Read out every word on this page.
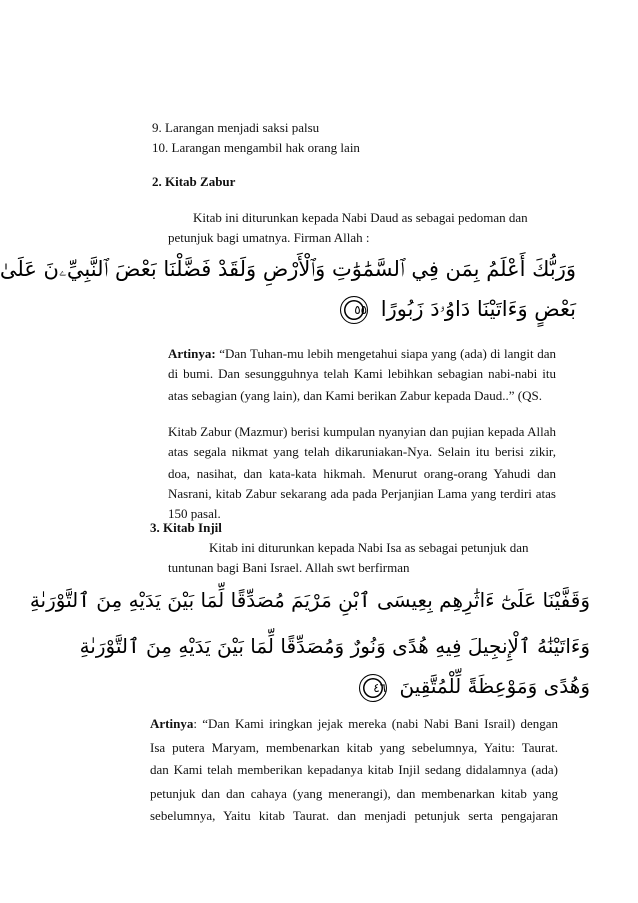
9. Larangan menjadi saksi palsu
10. Larangan mengambil hak orang lain
2. Kitab Zabur
Kitab ini diturunkan kepada Nabi Daud as sebagai pedoman dan
petunjuk bagi umatnya. Firman Allah :
وَرَبُّكَ أَعْلَمُ بِمَن فِي ٱلسَّمَٰوَٰتِ وَٱلْأَرْضِ وَلَقَدْ فَضَّلْنَا بَعْضَ ٱلنَّبِيِّۦنَ عَلَىٰ
بَعْضٍ وَءَاتَيْنَا دَاوُۥدَ زَبُورًا ٥٥
Artinya: “Dan Tuhan-mu lebih mengetahui siapa yang (ada) di langit dan
di bumi. Dan sesungguhnya telah Kami lebihkan sebagian nabi-nabi itu
atas sebagian (yang lain), dan Kami berikan Zabur kepada Daud..” (QS.
Kitab Zabur (Mazmur) berisi kumpulan nyanyian dan pujian kepada Allah
atas segala nikmat yang telah dikaruniakan-Nya. Selain itu berisi zikir,
doa, nasihat, dan kata-kata hikmah. Menurut orang-orang Yahudi dan
Nasrani, kitab Zabur sekarang ada pada Perjanjian Lama yang terdiri atas
150 pasal.
3. Kitab Injil
Kitab ini diturunkan kepada Nabi Isa as sebagai petunjuk dan
tuntunan bagi Bani Israel. Allah swt berfirman
وَقَفَّيْنَا عَلَىٰٓ ءَاثَٰرِهِم بِعِيسَى ٱبْنِ مَرْيَمَ مُصَدِّقًا لِّمَا بَيْنَ يَدَيْهِ مِنَ ٱلتَّوْرَىٰةِ
وَءَاتَيْنَٰهُ ٱلْإِنجِيلَ فِيهِ هُدًى وَنُورٌ وَمُصَدِّقًا لِّمَا بَيْنَ يَدَيْهِ مِنَ ٱلتَّوْرَىٰةِ
وَهُدًى وَمَوْعِظَةً لِّلْمُتَّقِينَ ٤٦
Artinya: “Dan Kami iringkan jejak mereka (nabi Nabi Bani Israil) dengan
Isa putera Maryam, membenarkan kitab yang sebelumnya, Yaitu: Taurat.
dan Kami telah memberikan kepadanya kitab Injil sedang didalamnya (ada)
petunjuk dan dan cahaya (yang menerangi), dan membenarkan kitab yang
sebelumnya, Yaitu kitab Taurat. dan menjadi petunjuk serta pengajaran
